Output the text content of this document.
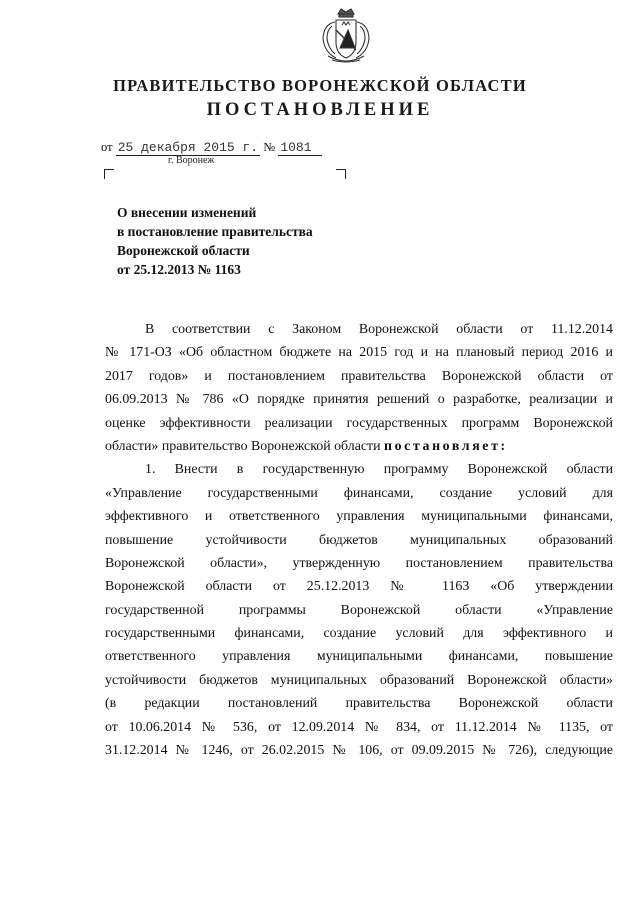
ПРАВИТЕЛЬСТВО ВОРОНЕЖСКОЙ ОБЛАСТИ
ПОСТАНОВЛЕНИЕ
от 25 декабря 2015 г. № 1081
г. Воронеж
О внесении изменений
в постановление правительства
Воронежской области
от 25.12.2013 № 1163
В соответствии с Законом Воронежской области от 11.12.2014
№ 171-ОЗ «Об областном бюджете на 2015 год и на плановый период 2016 и
2017 годов» и постановлением правительства Воронежской области от
06.09.2013 № 786 «О порядке принятия решений о разработке, реализации и
оценке эффективности реализации государственных программ Воронежской
области» правительство Воронежской области постановляет:
1. Внести в государственную программу Воронежской области
«Управление государственными финансами, создание условий для
эффективного и ответственного управления муниципальными финансами,
повышение устойчивости бюджетов муниципальных образований
Воронежской области», утвержденную постановлением правительства
Воронежской области от 25.12.2013 № 1163 «Об утверждении
государственной программы Воронежской области «Управление
государственными финансами, создание условий для эффективного и
ответственного управления муниципальными финансами, повышение
устойчивости бюджетов муниципальных образований Воронежской области»
(в редакции постановлений правительства Воронежской области
от 10.06.2014 № 536, от 12.09.2014 № 834, от 11.12.2014 № 1135, от
31.12.2014 № 1246, от 26.02.2015 № 106, от 09.09.2015 № 726), следующие
